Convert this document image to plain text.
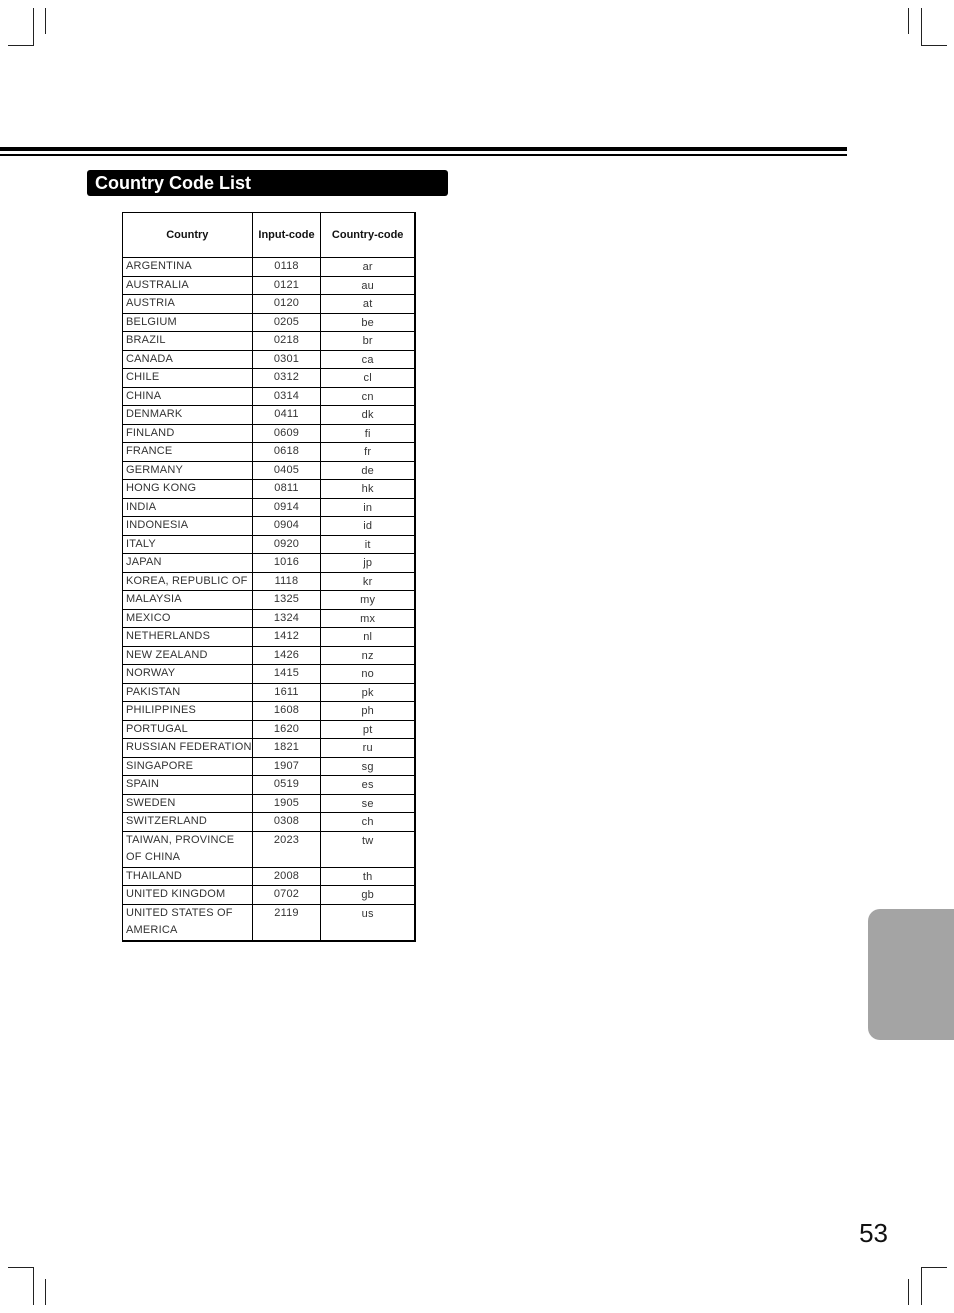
Country Code List
Country	Input-code	Country-code
ARGENTINA	0118	ar
AUSTRALIA	0121	au
AUSTRIA	0120	at
BELGIUM	0205	be
BRAZIL	0218	br
CANADA	0301	ca
CHILE	0312	cl
CHINA	0314	cn
DENMARK	0411	dk
FINLAND	0609	fi
FRANCE	0618	fr
GERMANY	0405	de
HONG KONG	0811	hk
INDIA	0914	in
INDONESIA	0904	id
ITALY	0920	it
JAPAN	1016	jp
KOREA, REPUBLIC OF	1118	kr
MALAYSIA	1325	my
MEXICO	1324	mx
NETHERLANDS	1412	nl
NEW ZEALAND	1426	nz
NORWAY	1415	no
PAKISTAN	1611	pk
PHILIPPINES	1608	ph
PORTUGAL	1620	pt
RUSSIAN FEDERATION	1821	ru
SINGAPORE	1907	sg
SPAIN	0519	es
SWEDEN	1905	se
SWITZERLAND	0308	ch
TAIWAN, PROVINCE OF CHINA	2023	tw
THAILAND	2008	th
UNITED KINGDOM	0702	gb
UNITED STATES OF AMERICA	2119	us
53
